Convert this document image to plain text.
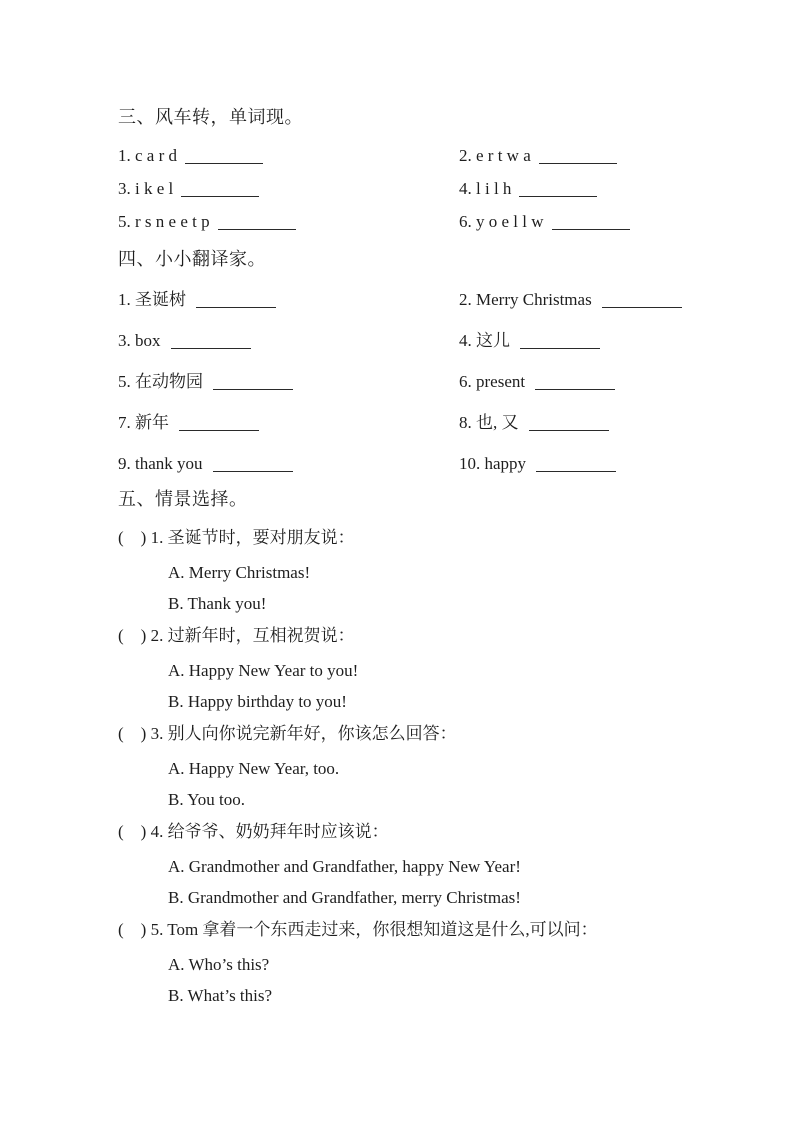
三、风车转，单词现。
1. c a r d	2. e r t w a
3. i k e l	4. l i l h
5. r s n e e t p	6. y o e l l w
四、小小翻译家。
1. 圣诞树	2. Merry Christmas
3. box	4. 这儿
5. 在动物园	6. present
7. 新年	8. 也, 又
9. thank you	10. happy
五、情景选择。
(    ) 1. 圣诞节时，要对朋友说：
A. Merry Christmas!
B. Thank you!
(    ) 2. 过新年时，互相祝贺说：
A. Happy New Year to you!
B. Happy birthday to you!
(    ) 3. 别人向你说完新年好，你该怎么回答：
A. Happy New Year, too.
B. You too.
(    ) 4. 给爷爷、奶奶拜年时应该说：
A. Grandmother and Grandfather, happy New Year!
B. Grandmother and Grandfather, merry Christmas!
(    ) 5. Tom 拿着一个东西走过来，你很想知道这是什么,可以问：
A. Who’s this?
B. What’s this?
